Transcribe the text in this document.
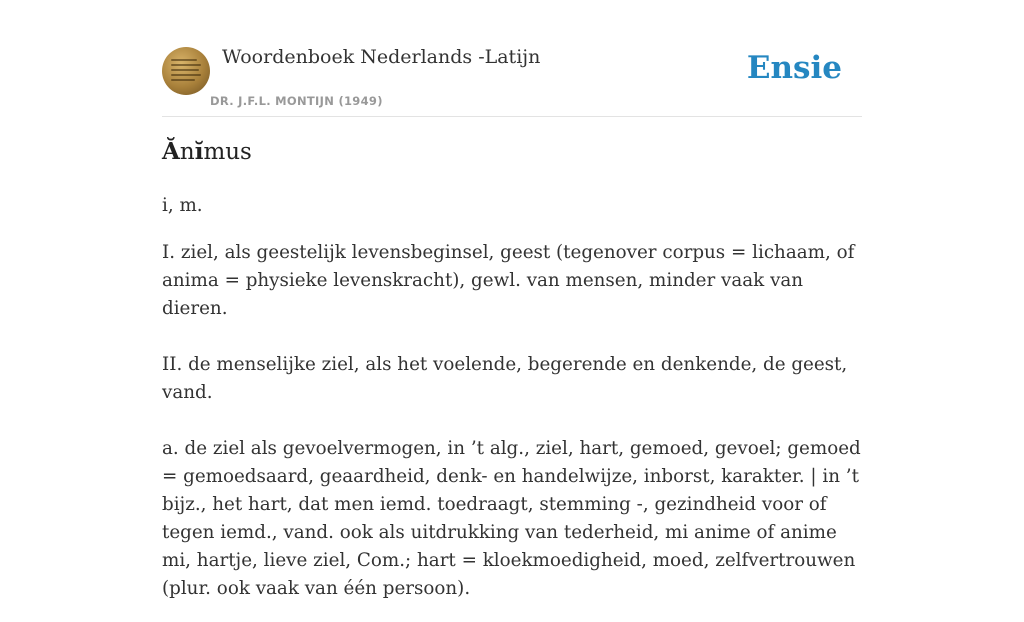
Woordenboek Nederlands -Latijn
DR. J.F.L. MONTIJN (1949)
Ensie
Ănĭmus

i, m.

I. ziel, als geestelijk levensbeginsel, geest (tegenover corpus = lichaam, of anima = physieke levenskracht), gewl. van mensen, minder vaak van dieren.

II. de menselijke ziel, als het voelende, begerende en denkende, de geest, vand.

a. de ziel als gevoelvermogen, in ’t alg., ziel, hart, gemoed, gevoel; gemoed = gemoedsaard, geaardheid, denk- en handelwijze, inborst, karakter. | in ’t bijz., het hart, dat men iemd. toedraagt, stemming -, gezindheid voor of tegen iemd., vand. ook als uitdrukking van tederheid, mi anime of anime mi, hartje, lieve ziel, Com.; hart = kloekmoedigheid, moed, zelfvertrouwen (plur. ook vaak van één persoon).
